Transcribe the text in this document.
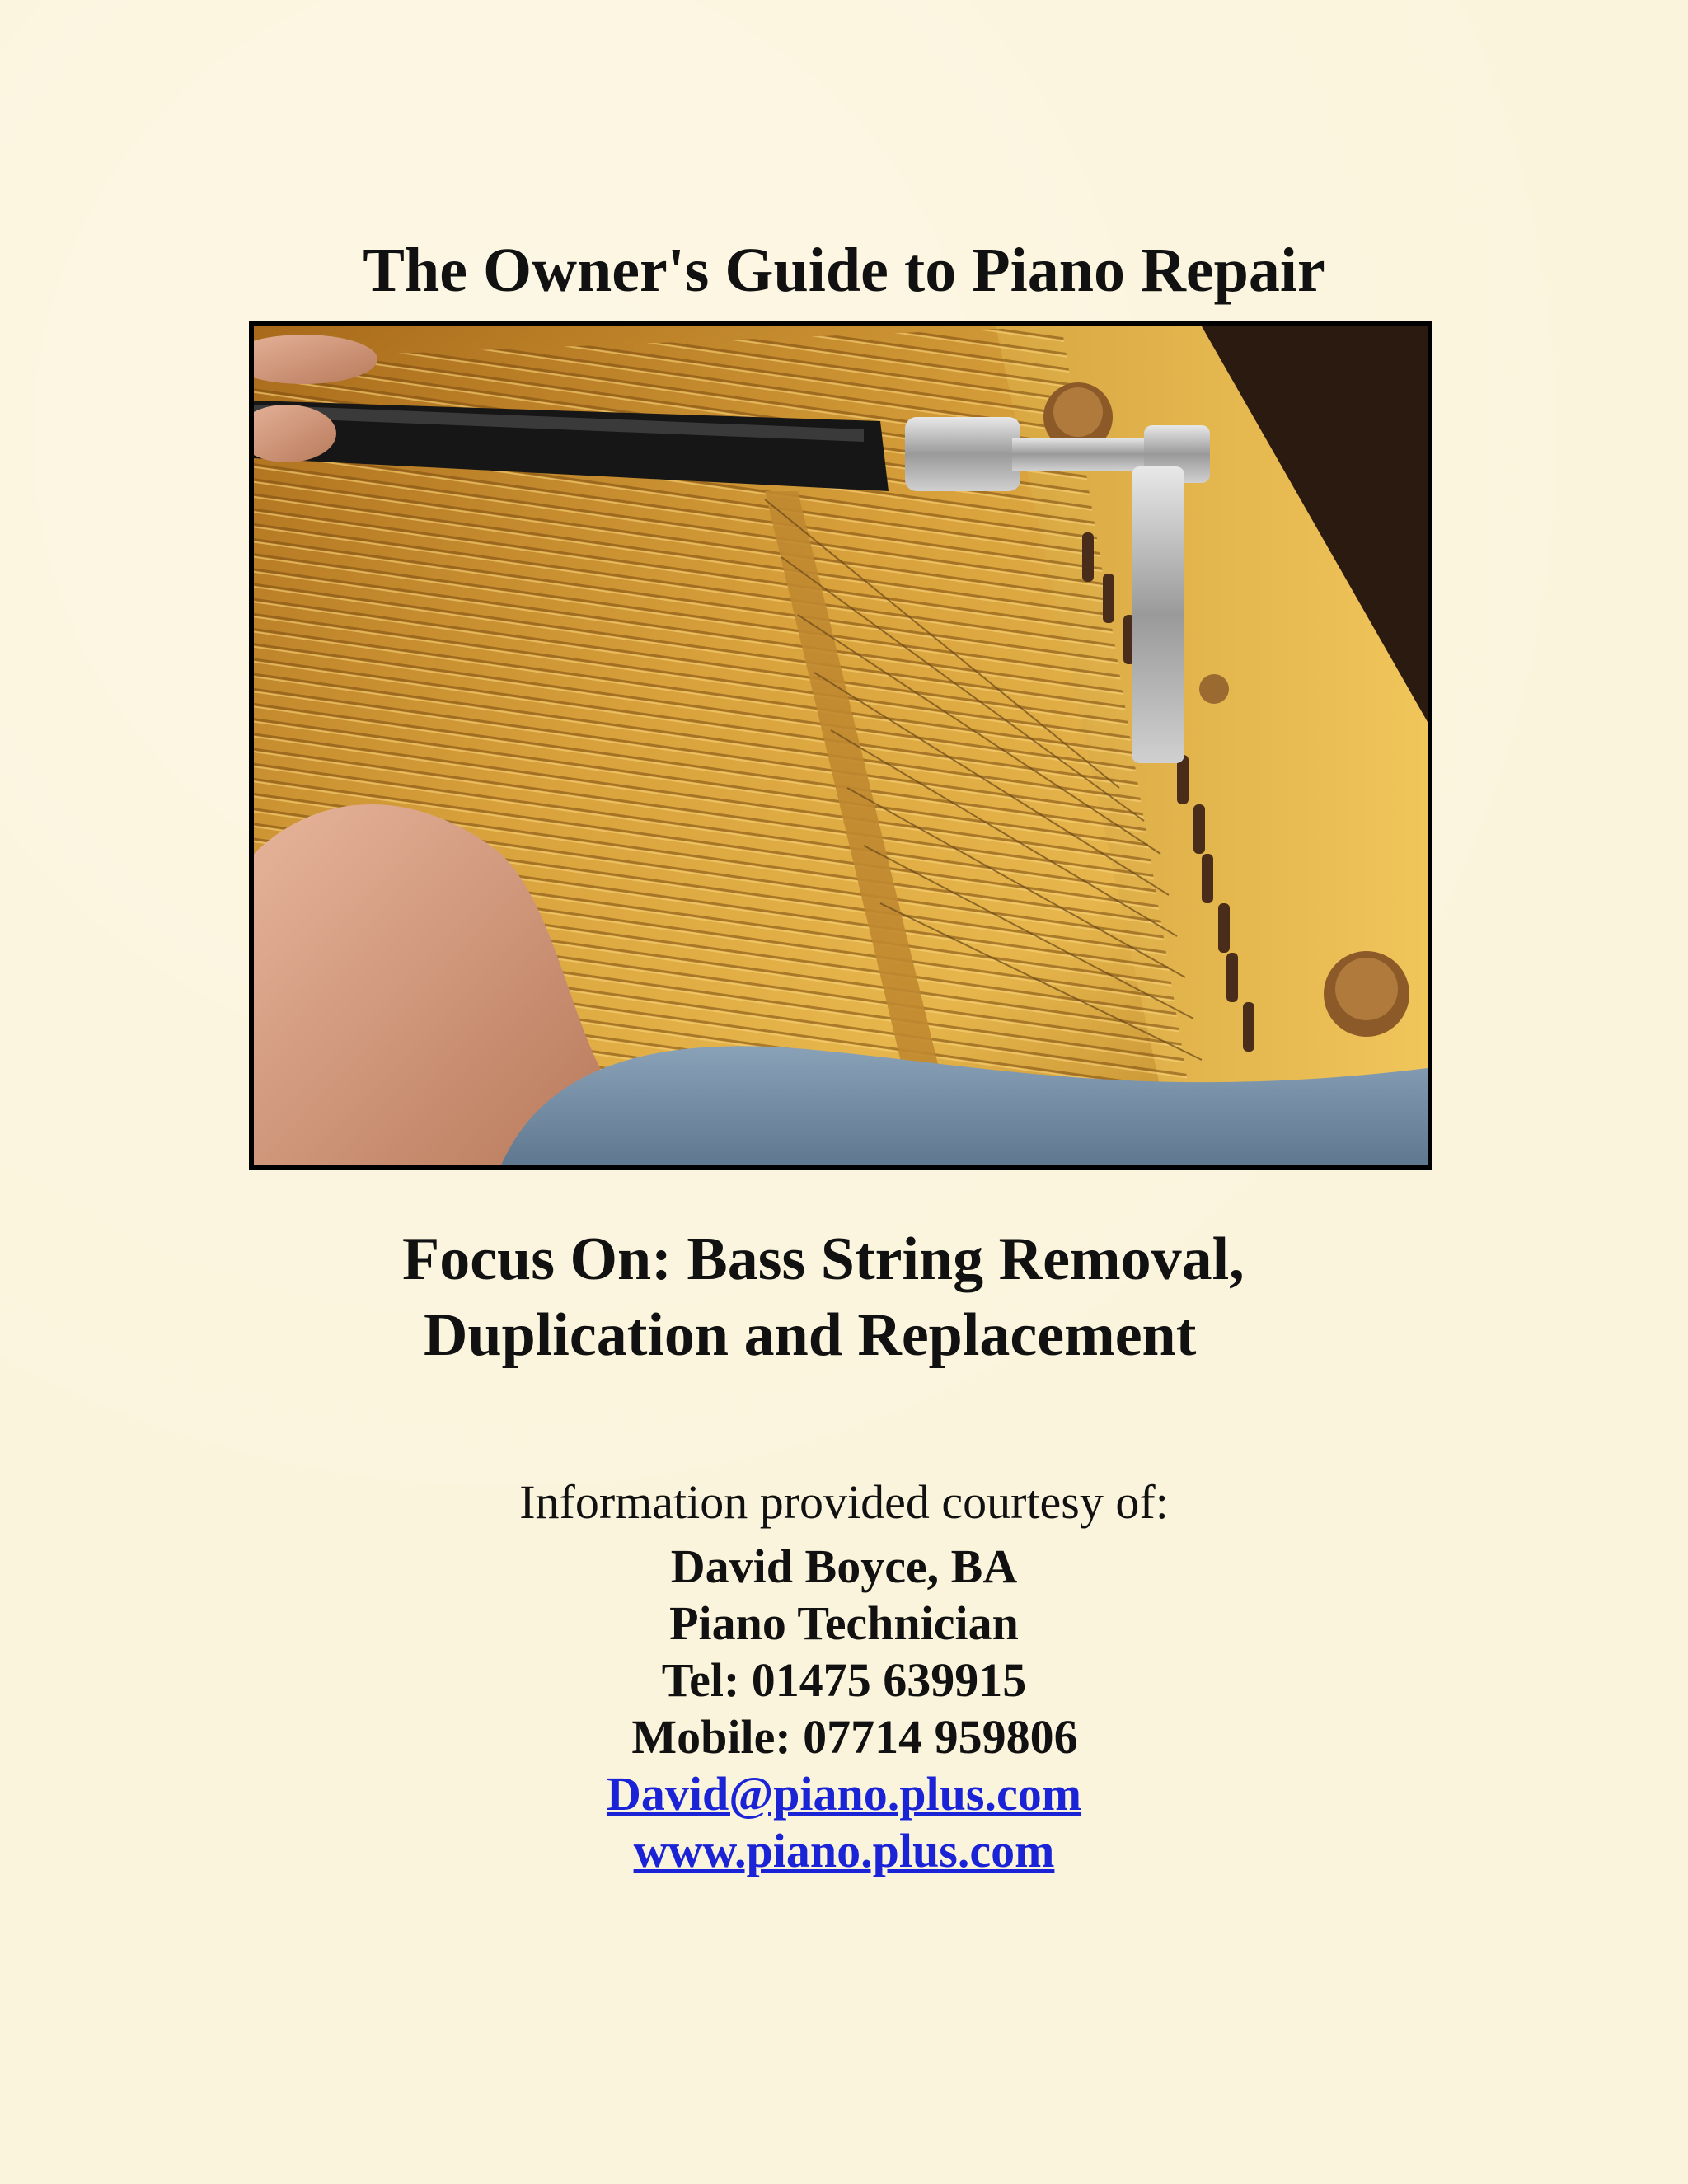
The Owner's Guide to Piano Repair
Focus On: Bass String Removal,
Duplication and Replacement
Information provided courtesy of:
David Boyce, BA
Piano Technician
Tel: 01475 639915
Mobile: 07714 959806
David@piano.plus.com
www.piano.plus.com
